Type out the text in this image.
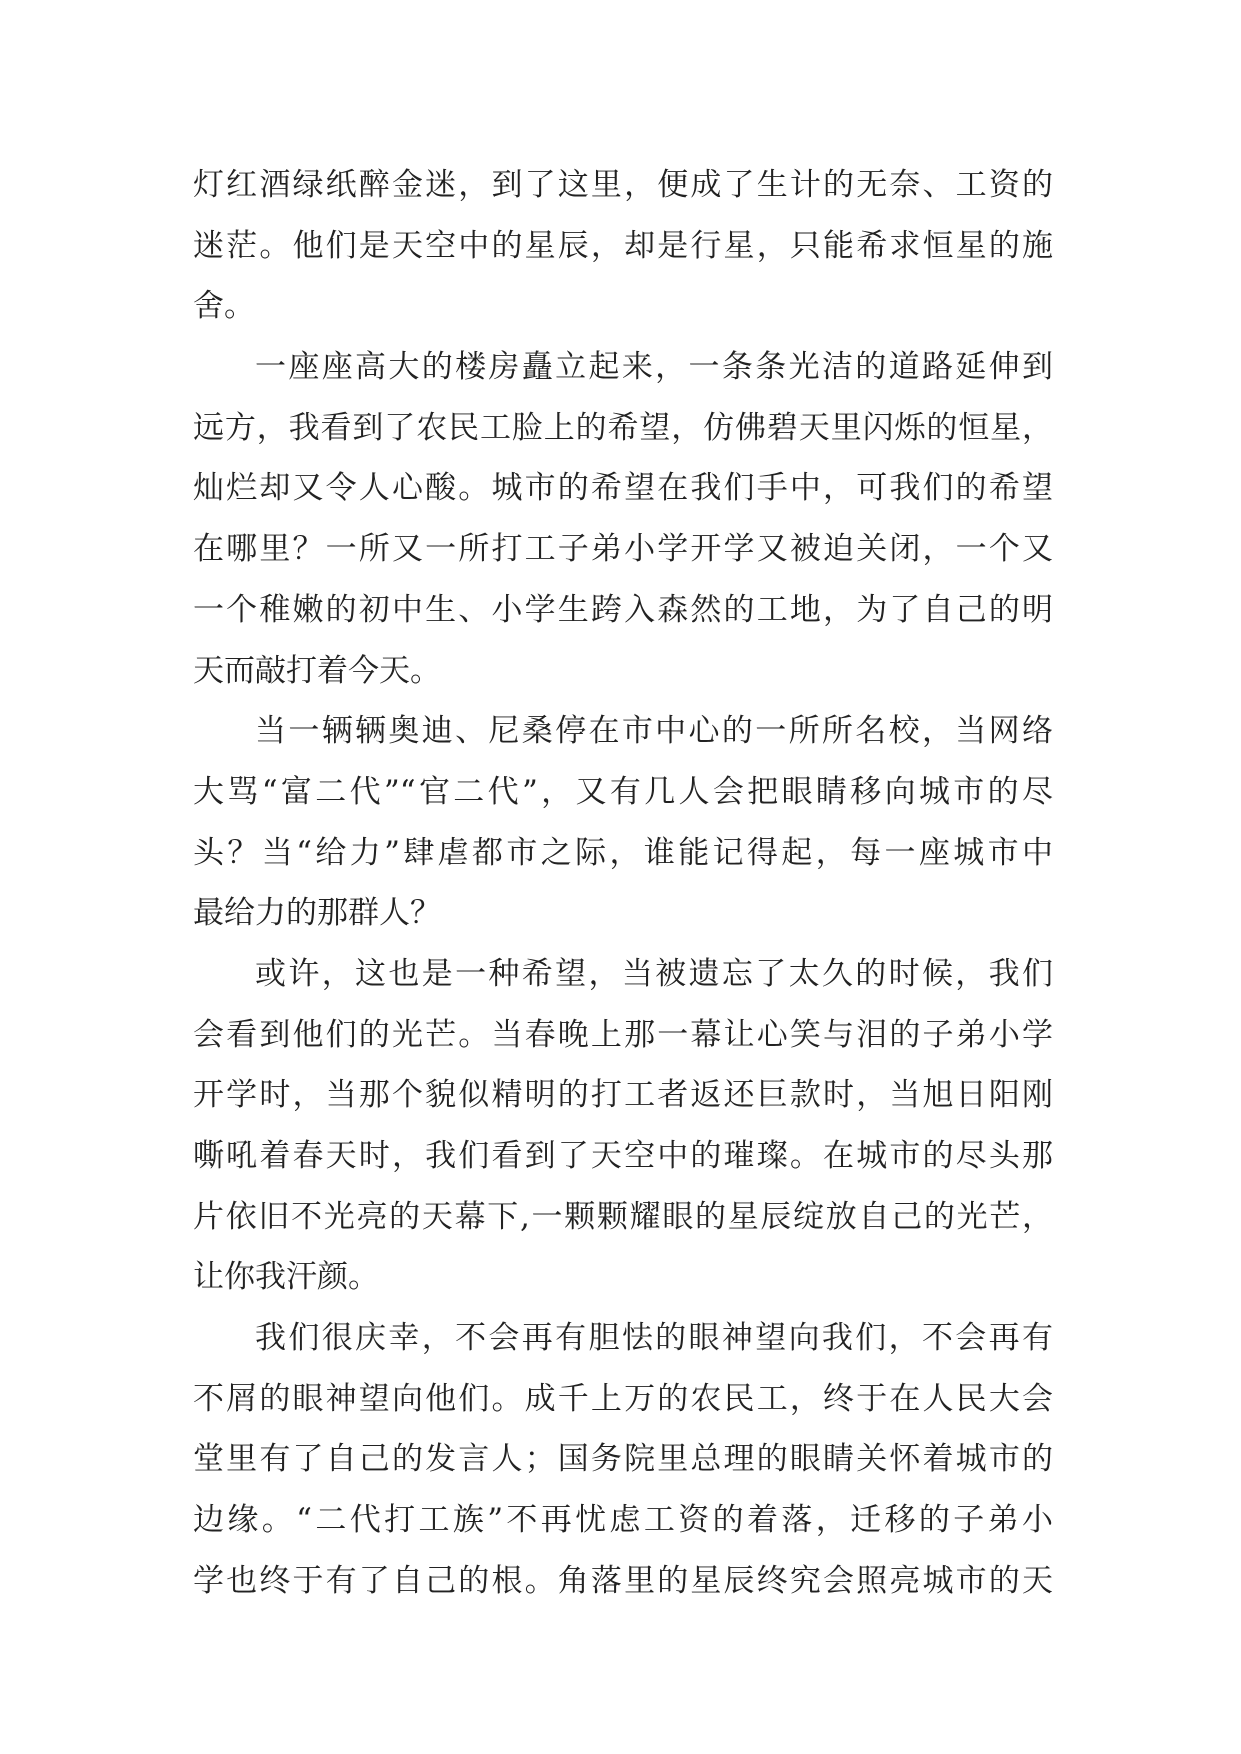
灯红酒绿纸醉金迷，到了这里，便成了生计的无奈、工资的
迷茫。他们是天空中的星辰，却是行星，只能希求恒星的施
舍。
一座座高大的楼房矗立起来，一条条光洁的道路延伸到
远方，我看到了农民工脸上的希望，仿佛碧天里闪烁的恒星，
灿烂却又令人心酸。城市的希望在我们手中，可我们的希望
在哪里？一所又一所打工子弟小学开学又被迫关闭，一个又
一个稚嫩的初中生、小学生跨入森然的工地，为了自己的明
天而敲打着今天。
当一辆辆奥迪、尼桑停在市中心的一所所名校，当网络
大骂“富二代”“官二代”，又有几人会把眼睛移向城市的尽
头？当“给力”肆虐都市之际，谁能记得起，每一座城市中
最给力的那群人？
或许，这也是一种希望，当被遗忘了太久的时候，我们
会看到他们的光芒。当春晚上那一幕让心笑与泪的子弟小学
开学时，当那个貌似精明的打工者返还巨款时，当旭日阳刚
嘶吼着春天时，我们看到了天空中的璀璨。在城市的尽头那
片依旧不光亮的天幕下,一颗颗耀眼的星辰绽放自己的光芒，
让你我汗颜。
我们很庆幸，不会再有胆怯的眼神望向我们，不会再有
不屑的眼神望向他们。成千上万的农民工，终于在人民大会
堂里有了自己的发言人；国务院里总理的眼睛关怀着城市的
边缘。“二代打工族”不再忧虑工资的着落，迁移的子弟小
学也终于有了自己的根。角落里的星辰终究会照亮城市的天
